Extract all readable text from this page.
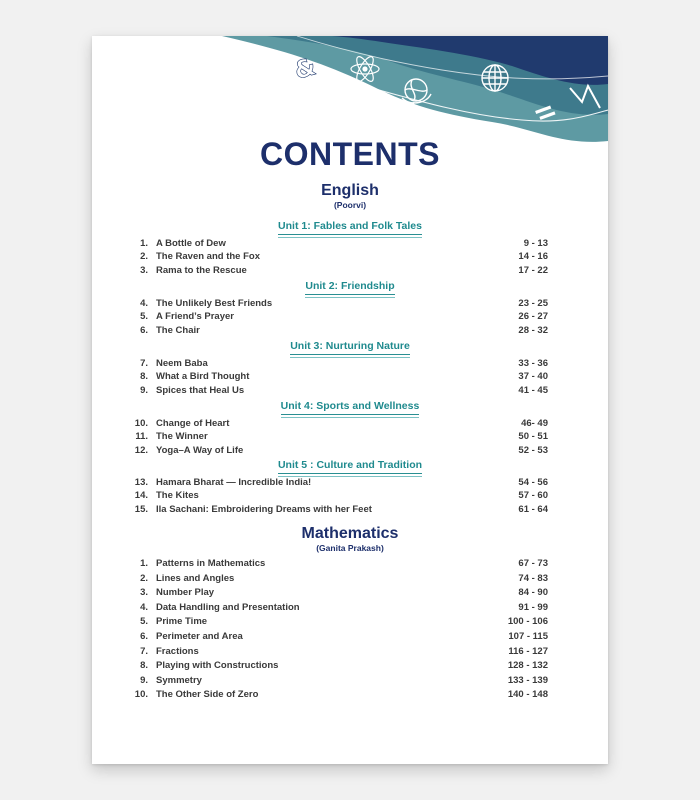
&
CONTENTS
English
(Poorvi)
Unit 1: Fables and Folk Tales
1. A Bottle of Dew	9 - 13
2. The Raven and the Fox	14 - 16
3. Rama to the Rescue	17 - 22
Unit 2: Friendship
4. The Unlikely Best Friends	23 - 25
5. A Friend’s Prayer	26 - 27
6. The Chair	28 - 32
Unit 3: Nurturing Nature
7. Neem Baba	33 - 36
8. What a Bird Thought	37 - 40
9. Spices that Heal Us	41 - 45
Unit 4: Sports and Wellness
10. Change of Heart	46- 49
11. The Winner	50 - 51
12. Yoga–A Way of Life	52 - 53
Unit 5 : Culture and Tradition
13. Hamara Bharat — Incredible India!	54 - 56
14. The Kites	57 - 60
15. Ila Sachani: Embroidering Dreams with her Feet	61 - 64
Mathematics
(Ganita Prakash)
1. Patterns in Mathematics	67 - 73
2. Lines and Angles	74 - 83
3. Number Play	84 - 90
4. Data Handling and Presentation	91 - 99
5. Prime Time	100 - 106
6. Perimeter and Area	107 - 115
7. Fractions	116 - 127
8. Playing with Constructions	128 - 132
9. Symmetry	133 - 139
10. The Other Side of Zero	140 - 148
